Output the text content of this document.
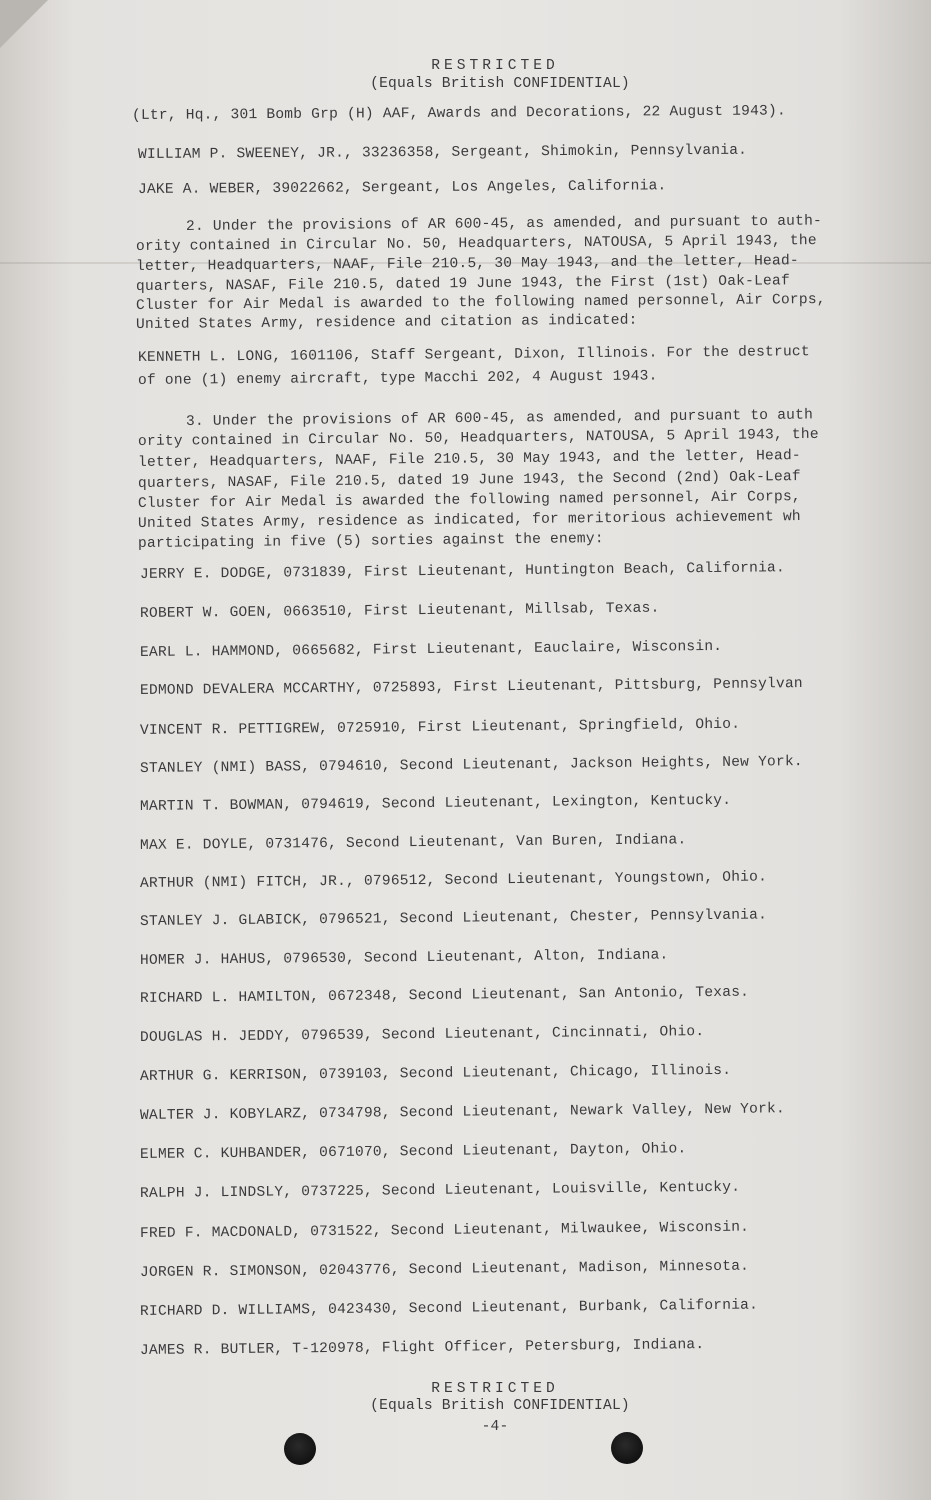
RESTRICTED
(Equals British CONFIDENTIAL)
(Ltr, Hq., 301 Bomb Grp (H) AAF, Awards and Decorations, 22 August 1943).
WILLIAM P. SWEENEY, JR., 33236358, Sergeant, Shimokin, Pennsylvania.
JAKE A. WEBER, 39022662, Sergeant, Los Angeles, California.
2. Under the provisions of AR 600-45, as amended, and pursuant to auth-
ority contained in Circular No. 50, Headquarters, NATOUSA, 5 April 1943, the
letter, Headquarters, NAAF, File 210.5, 30 May 1943, and the letter, Head-
quarters, NASAF, File 210.5, dated 19 June 1943, the First (1st) Oak-Leaf
Cluster for Air Medal is awarded to the following named personnel, Air Corps,
United States Army, residence and citation as indicated:
KENNETH L. LONG, 1601106, Staff Sergeant, Dixon, Illinois. For the destruct
of one (1) enemy aircraft, type Macchi 202, 4 August 1943.
3. Under the provisions of AR 600-45, as amended, and pursuant to auth
ority contained in Circular No. 50, Headquarters, NATOUSA, 5 April 1943, the
letter, Headquarters, NAAF, File 210.5, 30 May 1943, and the letter, Head-
quarters, NASAF, File 210.5, dated 19 June 1943, the Second (2nd) Oak-Leaf
Cluster for Air Medal is awarded the following named personnel, Air Corps,
United States Army, residence as indicated, for meritorious achievement wh
participating in five (5) sorties against the enemy:
JERRY E. DODGE, 0731839, First Lieutenant, Huntington Beach, California.
ROBERT W. GOEN, 0663510, First Lieutenant, Millsab, Texas.
EARL L. HAMMOND, 0665682, First Lieutenant, Eauclaire, Wisconsin.
EDMOND DEVALERA MCCARTHY, 0725893, First Lieutenant, Pittsburg, Pennsylvan
VINCENT R. PETTIGREW, 0725910, First Lieutenant, Springfield, Ohio.
STANLEY (NMI) BASS, 0794610, Second Lieutenant, Jackson Heights, New York.
MARTIN T. BOWMAN, 0794619, Second Lieutenant, Lexington, Kentucky.
MAX E. DOYLE, 0731476, Second Lieutenant, Van Buren, Indiana.
ARTHUR (NMI) FITCH, JR., 0796512, Second Lieutenant, Youngstown, Ohio.
STANLEY J. GLABICK, 0796521, Second Lieutenant, Chester, Pennsylvania.
HOMER J. HAHUS, 0796530, Second Lieutenant, Alton, Indiana.
RICHARD L. HAMILTON, 0672348, Second Lieutenant, San Antonio, Texas.
DOUGLAS H. JEDDY, 0796539, Second Lieutenant, Cincinnati, Ohio.
ARTHUR G. KERRISON, 0739103, Second Lieutenant, Chicago, Illinois.
WALTER J. KOBYLARZ, 0734798, Second Lieutenant, Newark Valley, New York.
ELMER C. KUHBANDER, 0671070, Second Lieutenant, Dayton, Ohio.
RALPH J. LINDSLY, 0737225, Second Lieutenant, Louisville, Kentucky.
FRED F. MACDONALD, 0731522, Second Lieutenant, Milwaukee, Wisconsin.
JORGEN R. SIMONSON, 02043776, Second Lieutenant, Madison, Minnesota.
RICHARD D. WILLIAMS, 0423430, Second Lieutenant, Burbank, California.
JAMES R. BUTLER, T-120978, Flight Officer, Petersburg, Indiana.
RESTRICTED
(Equals British CONFIDENTIAL)
-4-
